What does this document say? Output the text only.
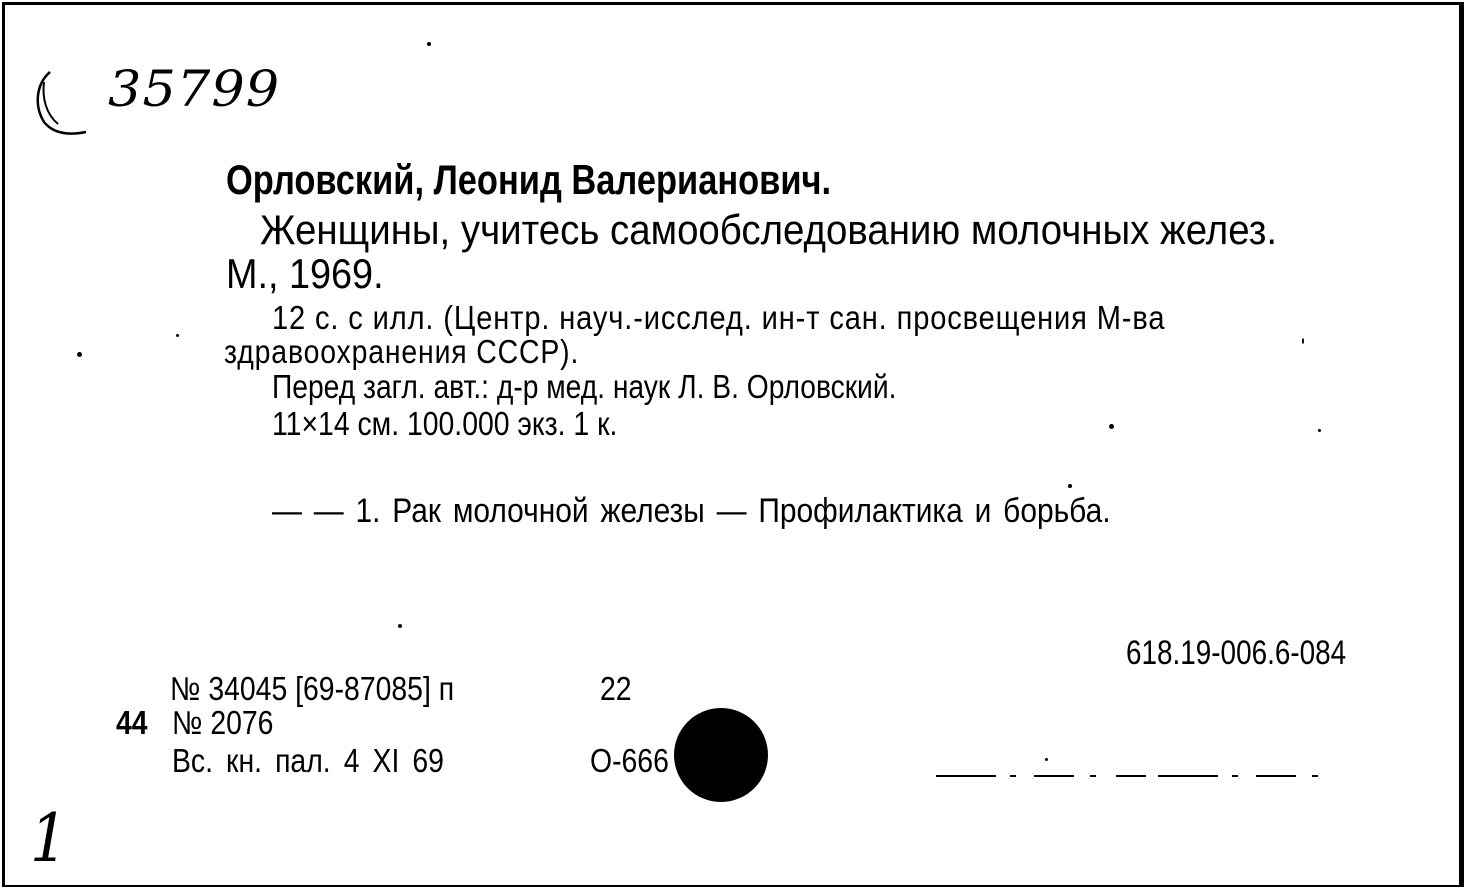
35799
Орловский, Леонид Валерианович.
Женщины, учитесь самообследованию молочных желез.
М., 1969.
12 с. с илл. (Центр. науч.-исслед. ин-т сан. просвещения М-ва
здравоохранения СССР).
Перед загл. авт.: д-р мед. наук Л. В. Орловский.
11×14 см. 100.000 экз. 1 к.
— — 1. Рак молочной железы — Профилактика и борьба.
618.19-006.6-084
№ 34045 [69-87085] п	22
44 № 2076
Вс. кн. пал. 4 XI 69	О-666
1
